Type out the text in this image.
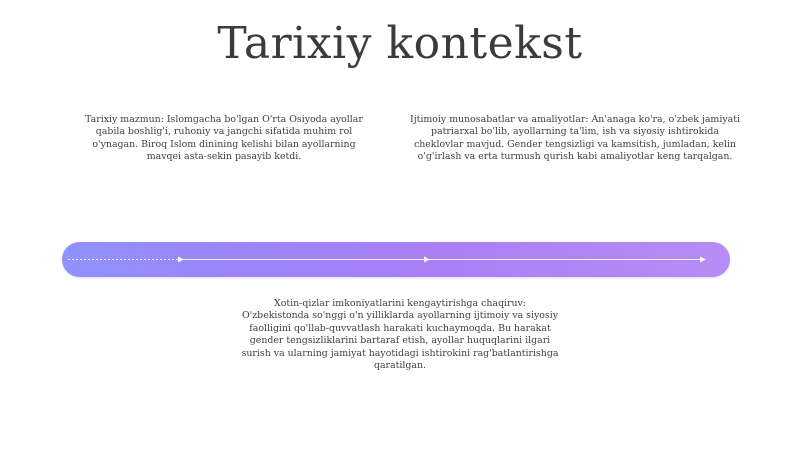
Tarixiy kontekst
Tarixiy mazmun: Islomgacha bo'lgan O'rta Osiyoda ayollar qabila boshlig'i, ruhoniy va jangchi sifatida muhim rol o'ynagan. Biroq Islom dinining kelishi bilan ayollarning mavqei asta-sekin pasayib ketdi.
Ijtimoiy munosabatlar va amaliyotlar: An'anaga ko'ra, o'zbek jamiyati patriarxal bo'lib, ayollarning ta'lim, ish va siyosiy ishtirokida cheklovlar mavjud. Gender tengsizligi va kamsitish, jumladan, kelin o'g'irlash va erta turmush qurish kabi amaliyotlar keng tarqalgan.
Xotin-qizlar imkoniyatlarini kengaytirishga chaqiruv: O'zbekistonda so'nggi o'n yilliklarda ayollarning ijtimoiy va siyosiy faolligini qo'llab-quvvatlash harakati kuchaymoqda. Bu harakat gender tengsizliklarini bartaraf etish, ayollar huquqlarini ilgari surish va ularning jamiyat hayotidagi ishtirokini rag'batlantirishga qaratilgan.
